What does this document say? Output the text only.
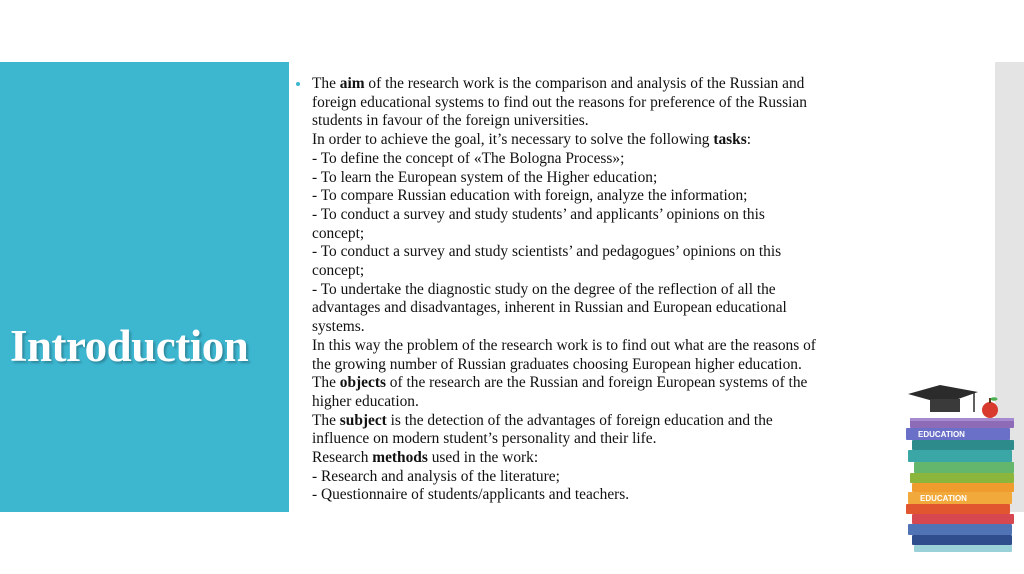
Introduction
The aim of the research work is the comparison and analysis of the Russian and
foreign educational systems to find out the reasons for preference of the Russian
students in favour of the foreign universities.
In order to achieve the goal, it’s necessary to solve the following tasks:
- To define the concept of «The Bologna Process»;
- To learn the European system of the Higher education;
- To compare Russian education with foreign, analyze the information;
- To conduct a survey and study students’ and applicants’ opinions on this
concept;
- To conduct a survey and study scientists’ and pedagogues’ opinions on this
concept;
- To undertake the diagnostic study on the degree of the reflection of all the
advantages and disadvantages, inherent in Russian and European educational
systems.
In this way the problem of the research work is to find out what are the reasons of
the growing number of Russian graduates choosing European higher education.
The objects of the research are the Russian and foreign European systems of the
higher education.
The subject is the detection of the advantages of foreign education and the
influence on modern student’s personality and their life.
Research methods used in the work:
- Research and analysis of the literature;
- Questionnaire of students/applicants and teachers.
EDUCATION
EDUCATION
